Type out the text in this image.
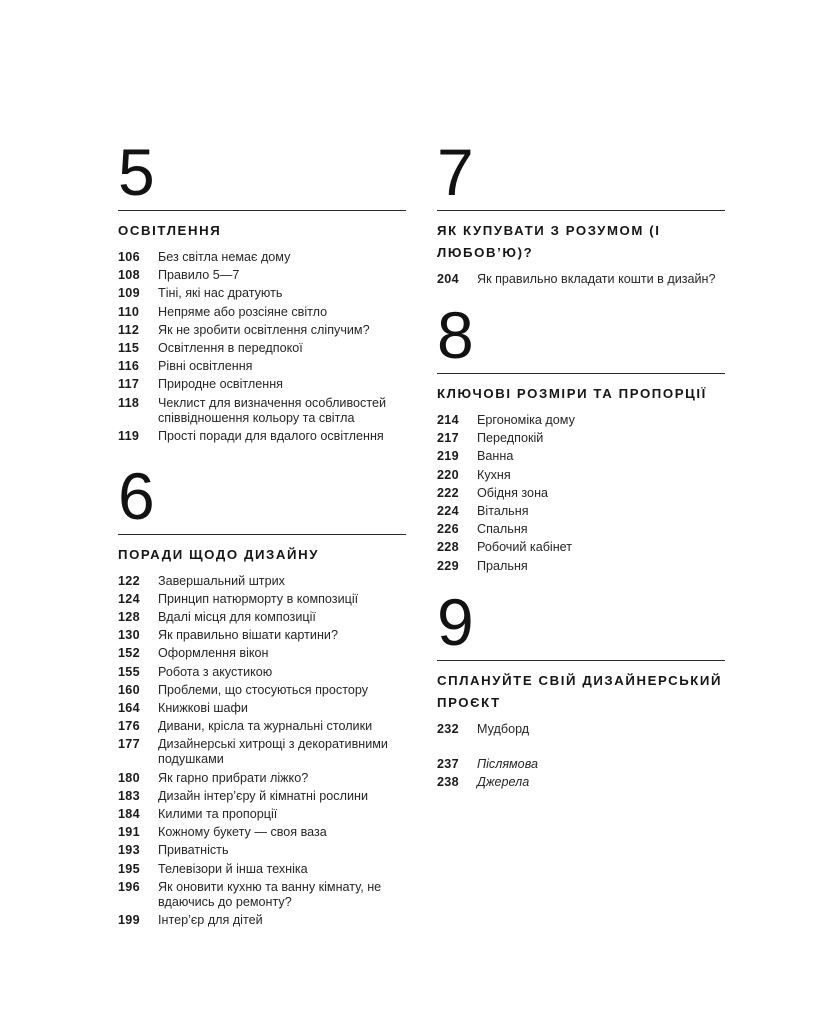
5
ОСВІТЛЕННЯ
106	Без світла немає дому
108	Правило 5—7
109	Тіні, які нас дратують
110	Непряме або розсіяне світло
112	Як не зробити освітлення сліпучим?
115	Освітлення в передпокої
116	Рівні освітлення
117	Природне освітлення
118	Чеклист для визначення особливостей співвідношення кольору та світла
119	Прості поради для вдалого освітлення
6
ПОРАДИ ЩОДО ДИЗАЙНУ
122	Завершальний штрих
124	Принцип натюрморту в композиції
128	Вдалі місця для композиції
130	Як правильно вішати картини?
152	Оформлення вікон
155	Робота з акустикою
160	Проблеми, що стосуються простору
164	Книжкові шафи
176	Дивани, крісла та журнальні столики
177	Дизайнерські хитрощі з декоративними подушками
180	Як гарно прибрати ліжко?
183	Дизайн інтер’єру й кімнатні рослини
184	Килими та пропорції
191	Кожному букету — своя ваза
193	Приватність
195	Телевізори й інша техніка
196	Як оновити кухню та ванну кімнату, не вдаючись до ремонту?
199	Інтер’єр для дітей
7
ЯК КУПУВАТИ З РОЗУМОМ (І ЛЮБОВ’Ю)?
204	Як правильно вкладати кошти в дизайн?
8
КЛЮЧОВІ РОЗМІРИ ТА ПРОПОРЦІЇ
214	Ергономіка дому
217	Передпокій
219	Ванна
220	Кухня
222	Обідня зона
224	Вітальня
226	Спальня
228	Робочий кабінет
229	Пральня
9
СПЛАНУЙТЕ СВІЙ ДИЗАЙНЕРСЬКИЙ ПРОЄКТ
232	Мудборд
237	Післямова
238	Джерела
